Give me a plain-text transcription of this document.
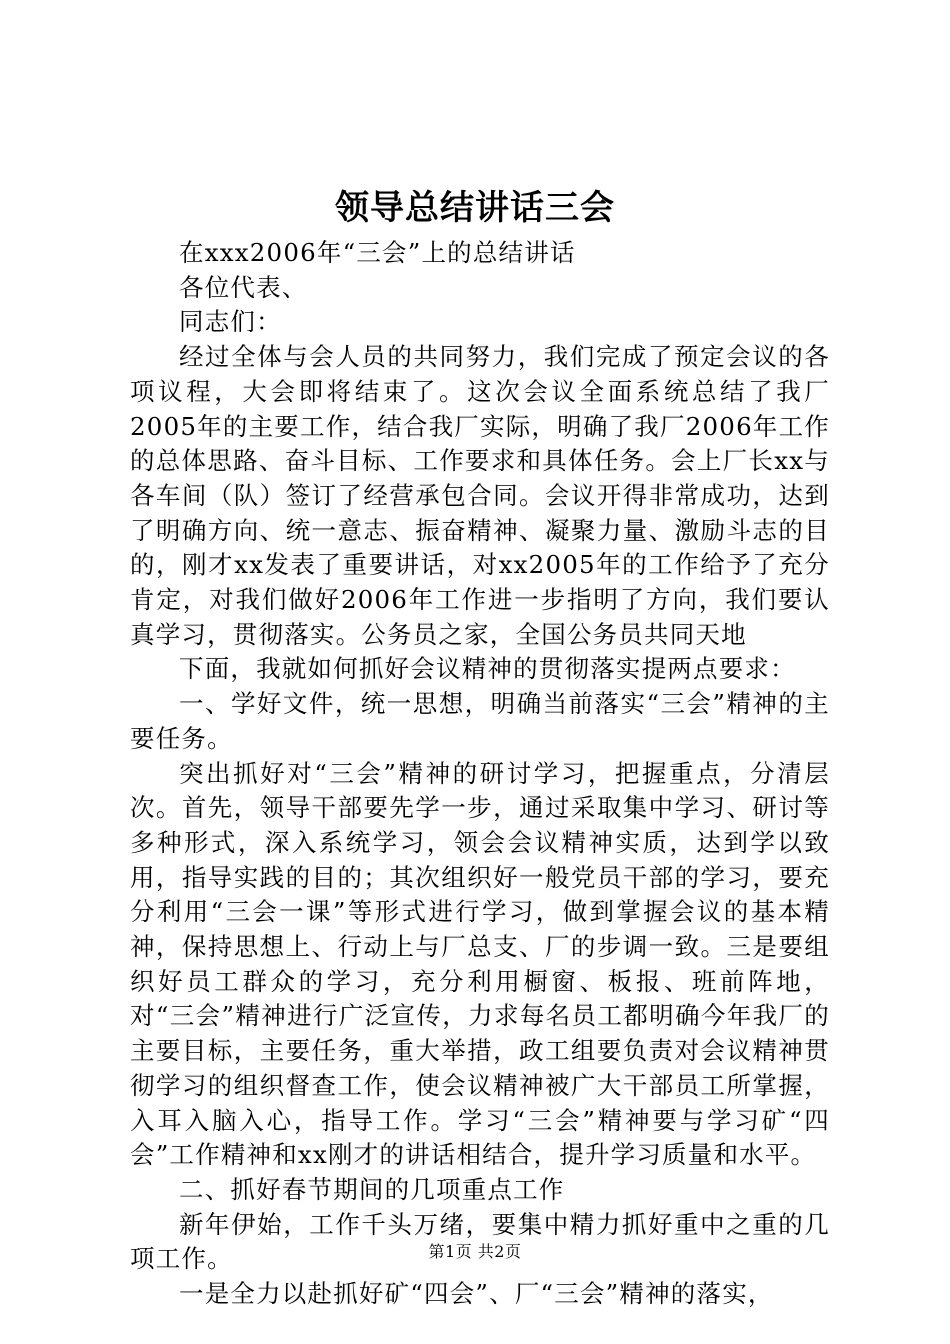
领导总结讲话三会

在xxx2006年“三会”上的总结讲话

各位代表、

同志们：

经过全体与会人员的共同努力，我们完成了预定会议的各项议程，大会即将结束了。这次会议全面系统总结了我厂2005年的主要工作，结合我厂实际，明确了我厂2006年工作的总体思路、奋斗目标、工作要求和具体任务。会上厂长xx与各车间（队）签订了经营承包合同。会议开得非常成功，达到了明确方向、统一意志、振奋精神、凝聚力量、激励斗志的目的，刚才xx发表了重要讲话，对xx2005年的工作给予了充分肯定，对我们做好2006年工作进一步指明了方向，我们要认真学习，贯彻落实。公务员之家，全国公务员共同天地

下面，我就如何抓好会议精神的贯彻落实提两点要求：

一、学好文件，统一思想，明确当前落实“三会”精神的主要任务。

突出抓好对“三会”精神的研讨学习，把握重点，分清层次。首先，领导干部要先学一步，通过采取集中学习、研讨等多种形式，深入系统学习，领会会议精神实质，达到学以致用，指导实践的目的；其次组织好一般党员干部的学习，要充分利用“三会一课”等形式进行学习，做到掌握会议的基本精神，保持思想上、行动上与厂总支、厂的步调一致。三是要组织好员工群众的学习，充分利用橱窗、板报、班前阵地，对“三会”精神进行广泛宣传，力求每名员工都明确今年我厂的主要目标，主要任务，重大举措，政工组要负责对会议精神贯彻学习的组织督查工作，使会议精神被广大干部员工所掌握，入耳入脑入心，指导工作。学习“三会”精神要与学习矿“四会”工作精神和xx刚才的讲话相结合，提升学习质量和水平。

二、抓好春节期间的几项重点工作

新年伊始，工作千头万绪，要集中精力抓好重中之重的几项工作。

一是全力以赴抓好矿“四会”、厂“三会”精神的落实，

第1页 共2页
